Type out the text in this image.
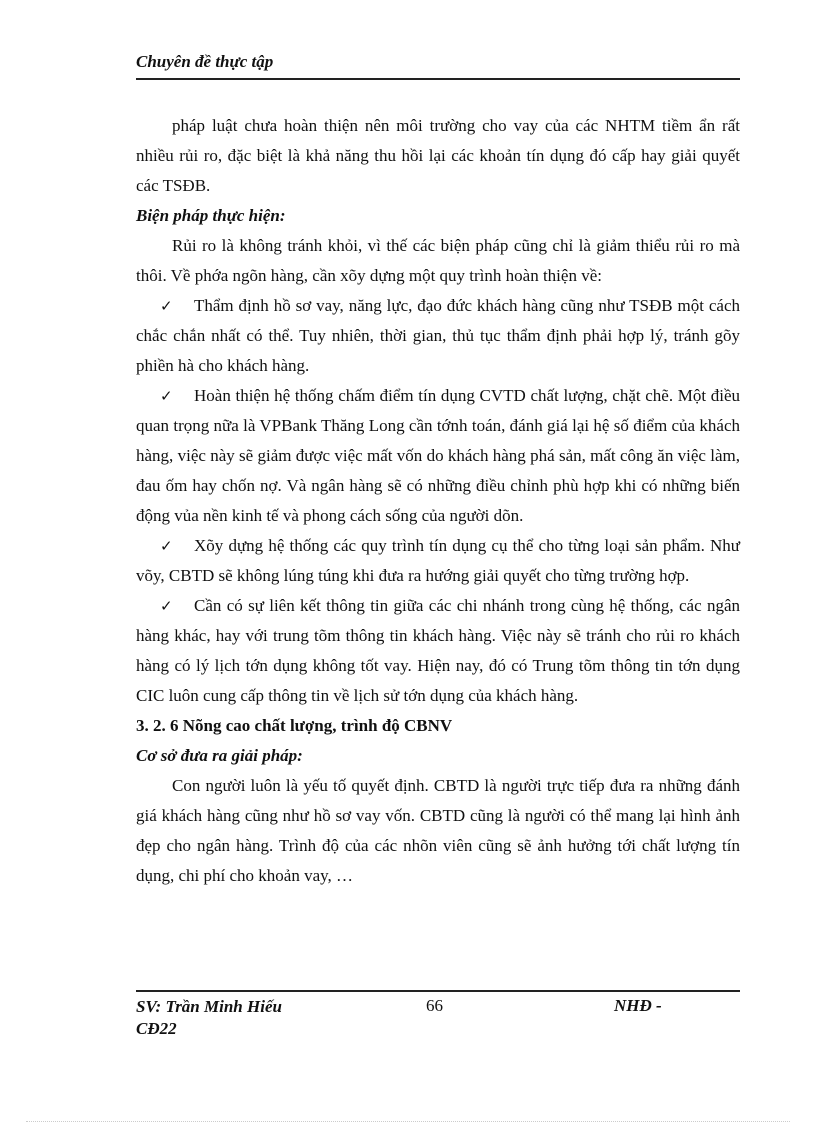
Chuyên đề thực tập

pháp luật chưa hoàn thiện nên môi trường cho vay của các NHTM tiềm ẩn rất nhiều rủi ro, đặc biệt là khả năng thu hồi lại các khoản tín dụng đó cấp hay giải quyết các TSĐB.

Biện pháp thực hiện:

Rủi ro là không tránh khỏi, vì thế các biện pháp cũng chỉ là giảm thiểu rủi ro mà thôi. Về phớa ngõn hàng, cần xõy dựng một quy trình hoàn thiện về:

✓ Thẩm định hồ sơ vay, năng lực, đạo đức khách hàng cũng như TSĐB một cách chắc chắn nhất có thể. Tuy nhiên, thời gian, thủ tục thẩm định phải hợp lý, tránh gõy phiền hà cho khách hàng.

✓ Hoàn thiện hệ thống chấm điểm tín dụng CVTD chất lượng, chặt chẽ. Một điều quan trọng nữa là VPBank Thăng Long cần tớnh toán, đánh giá lại hệ số điểm của khách hàng, việc này sẽ giảm được việc mất vốn do khách hàng phá sản, mất công ăn việc làm, đau ốm hay chốn nợ. Và ngân hàng sẽ có những điều chỉnh phù hợp khi có những biến động vủa nền kinh tế và phong cách sống của người dõn.

✓ Xõy dựng hệ thống các quy trình tín dụng cụ thể cho từng loại sản phẩm. Như võy, CBTD sẽ không lúng túng khi đưa ra hướng giải quyết cho từng trường hợp.

✓ Cần có sự liên kết thông tin giữa các chi nhánh trong cùng hệ thống, các ngân hàng khác, hay với trung tõm thông tin khách hàng. Việc này sẽ tránh cho rủi ro khách hàng có lý lịch tớn dụng không tốt vay. Hiện nay, đó có Trung tõm thông tin tớn dụng CIC luôn cung cấp thông tin về lịch sử tớn dụng của khách hàng.

3. 2. 6 Nõng cao chất lượng, trình độ CBNV

Cơ sở đưa ra giải pháp:

Con người luôn là yếu tố quyết định. CBTD là người trực tiếp đưa ra những đánh giá khách hàng cũng như hồ sơ vay vốn. CBTD cũng là người có thể mang lại hình ảnh đẹp cho ngân hàng. Trình độ của các nhõn viên cũng sẽ ảnh hưởng tới chất lượng tín dụng, chi phí cho khoản vay, …

SV: Trần Minh Hiếu
CĐ22
66	NHĐ -
